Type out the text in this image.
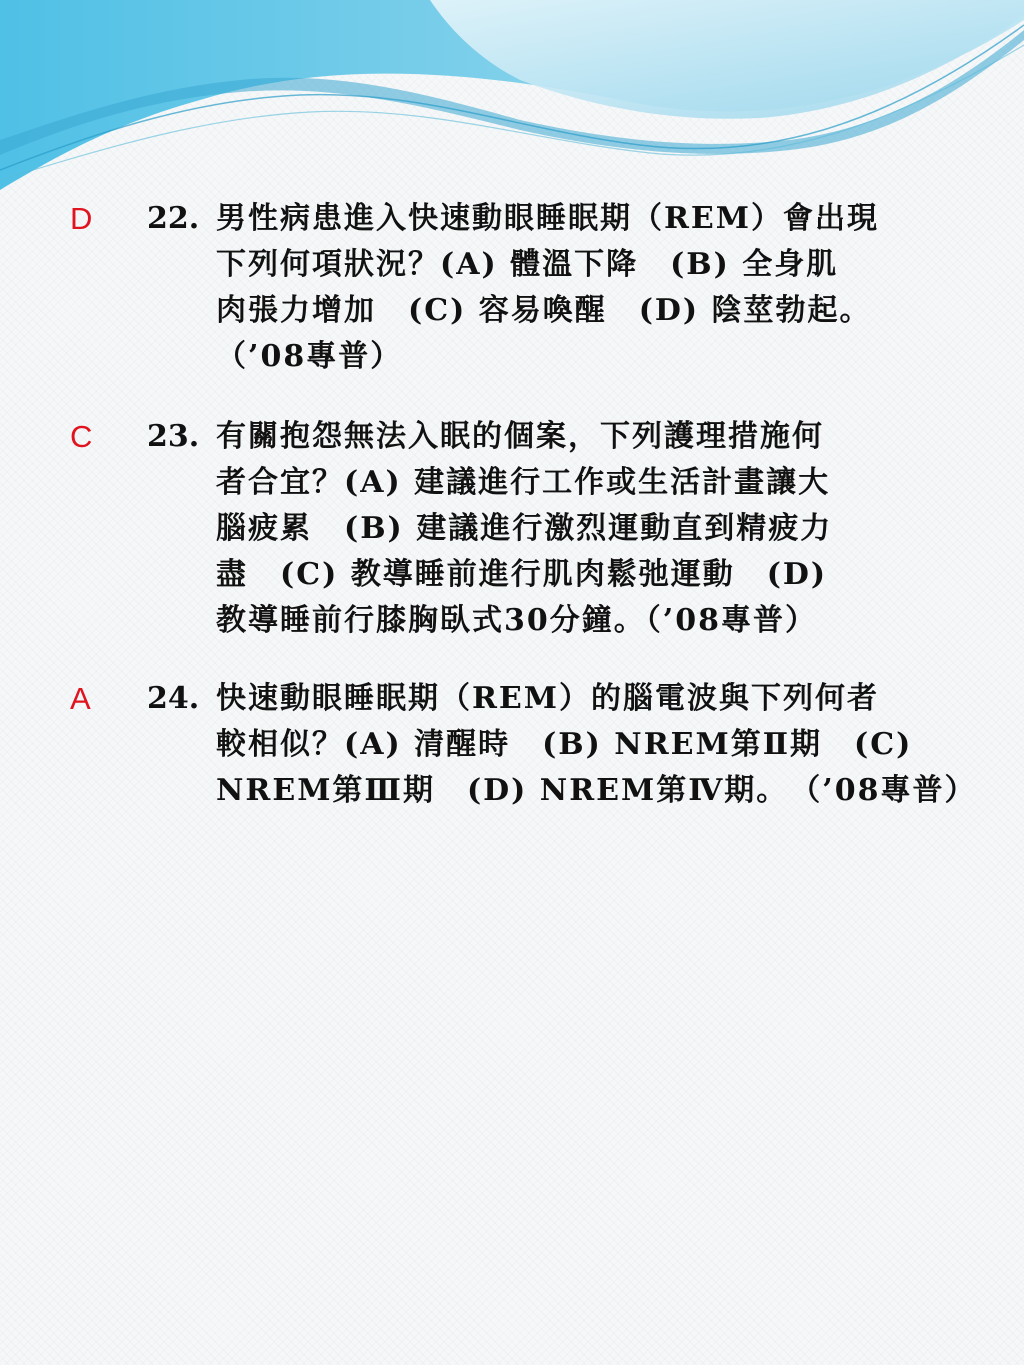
D 22. 男性病患進入快速動眼睡眠期（REM）會出現
下列何項狀況？(A) 體溫下降　(B) 全身肌
肉張力增加　(C) 容易喚醒　(D) 陰莖勃起。
（’08專普）
C 23. 有關抱怨無法入眠的個案，下列護理措施何
者合宜？(A) 建議進行工作或生活計畫讓大
腦疲累　(B) 建議進行激烈運動直到精疲力
盡　(C) 教導睡前進行肌肉鬆弛運動　(D)
教導睡前行膝胸臥式30分鐘。（’08專普）
A 24. 快速動眼睡眠期（REM）的腦電波與下列何者
較相似？(A) 清醒時　(B) NREM第Ⅱ期　(C)
NREM第Ⅲ期　(D) NREM第Ⅳ期。　（’08專普）
